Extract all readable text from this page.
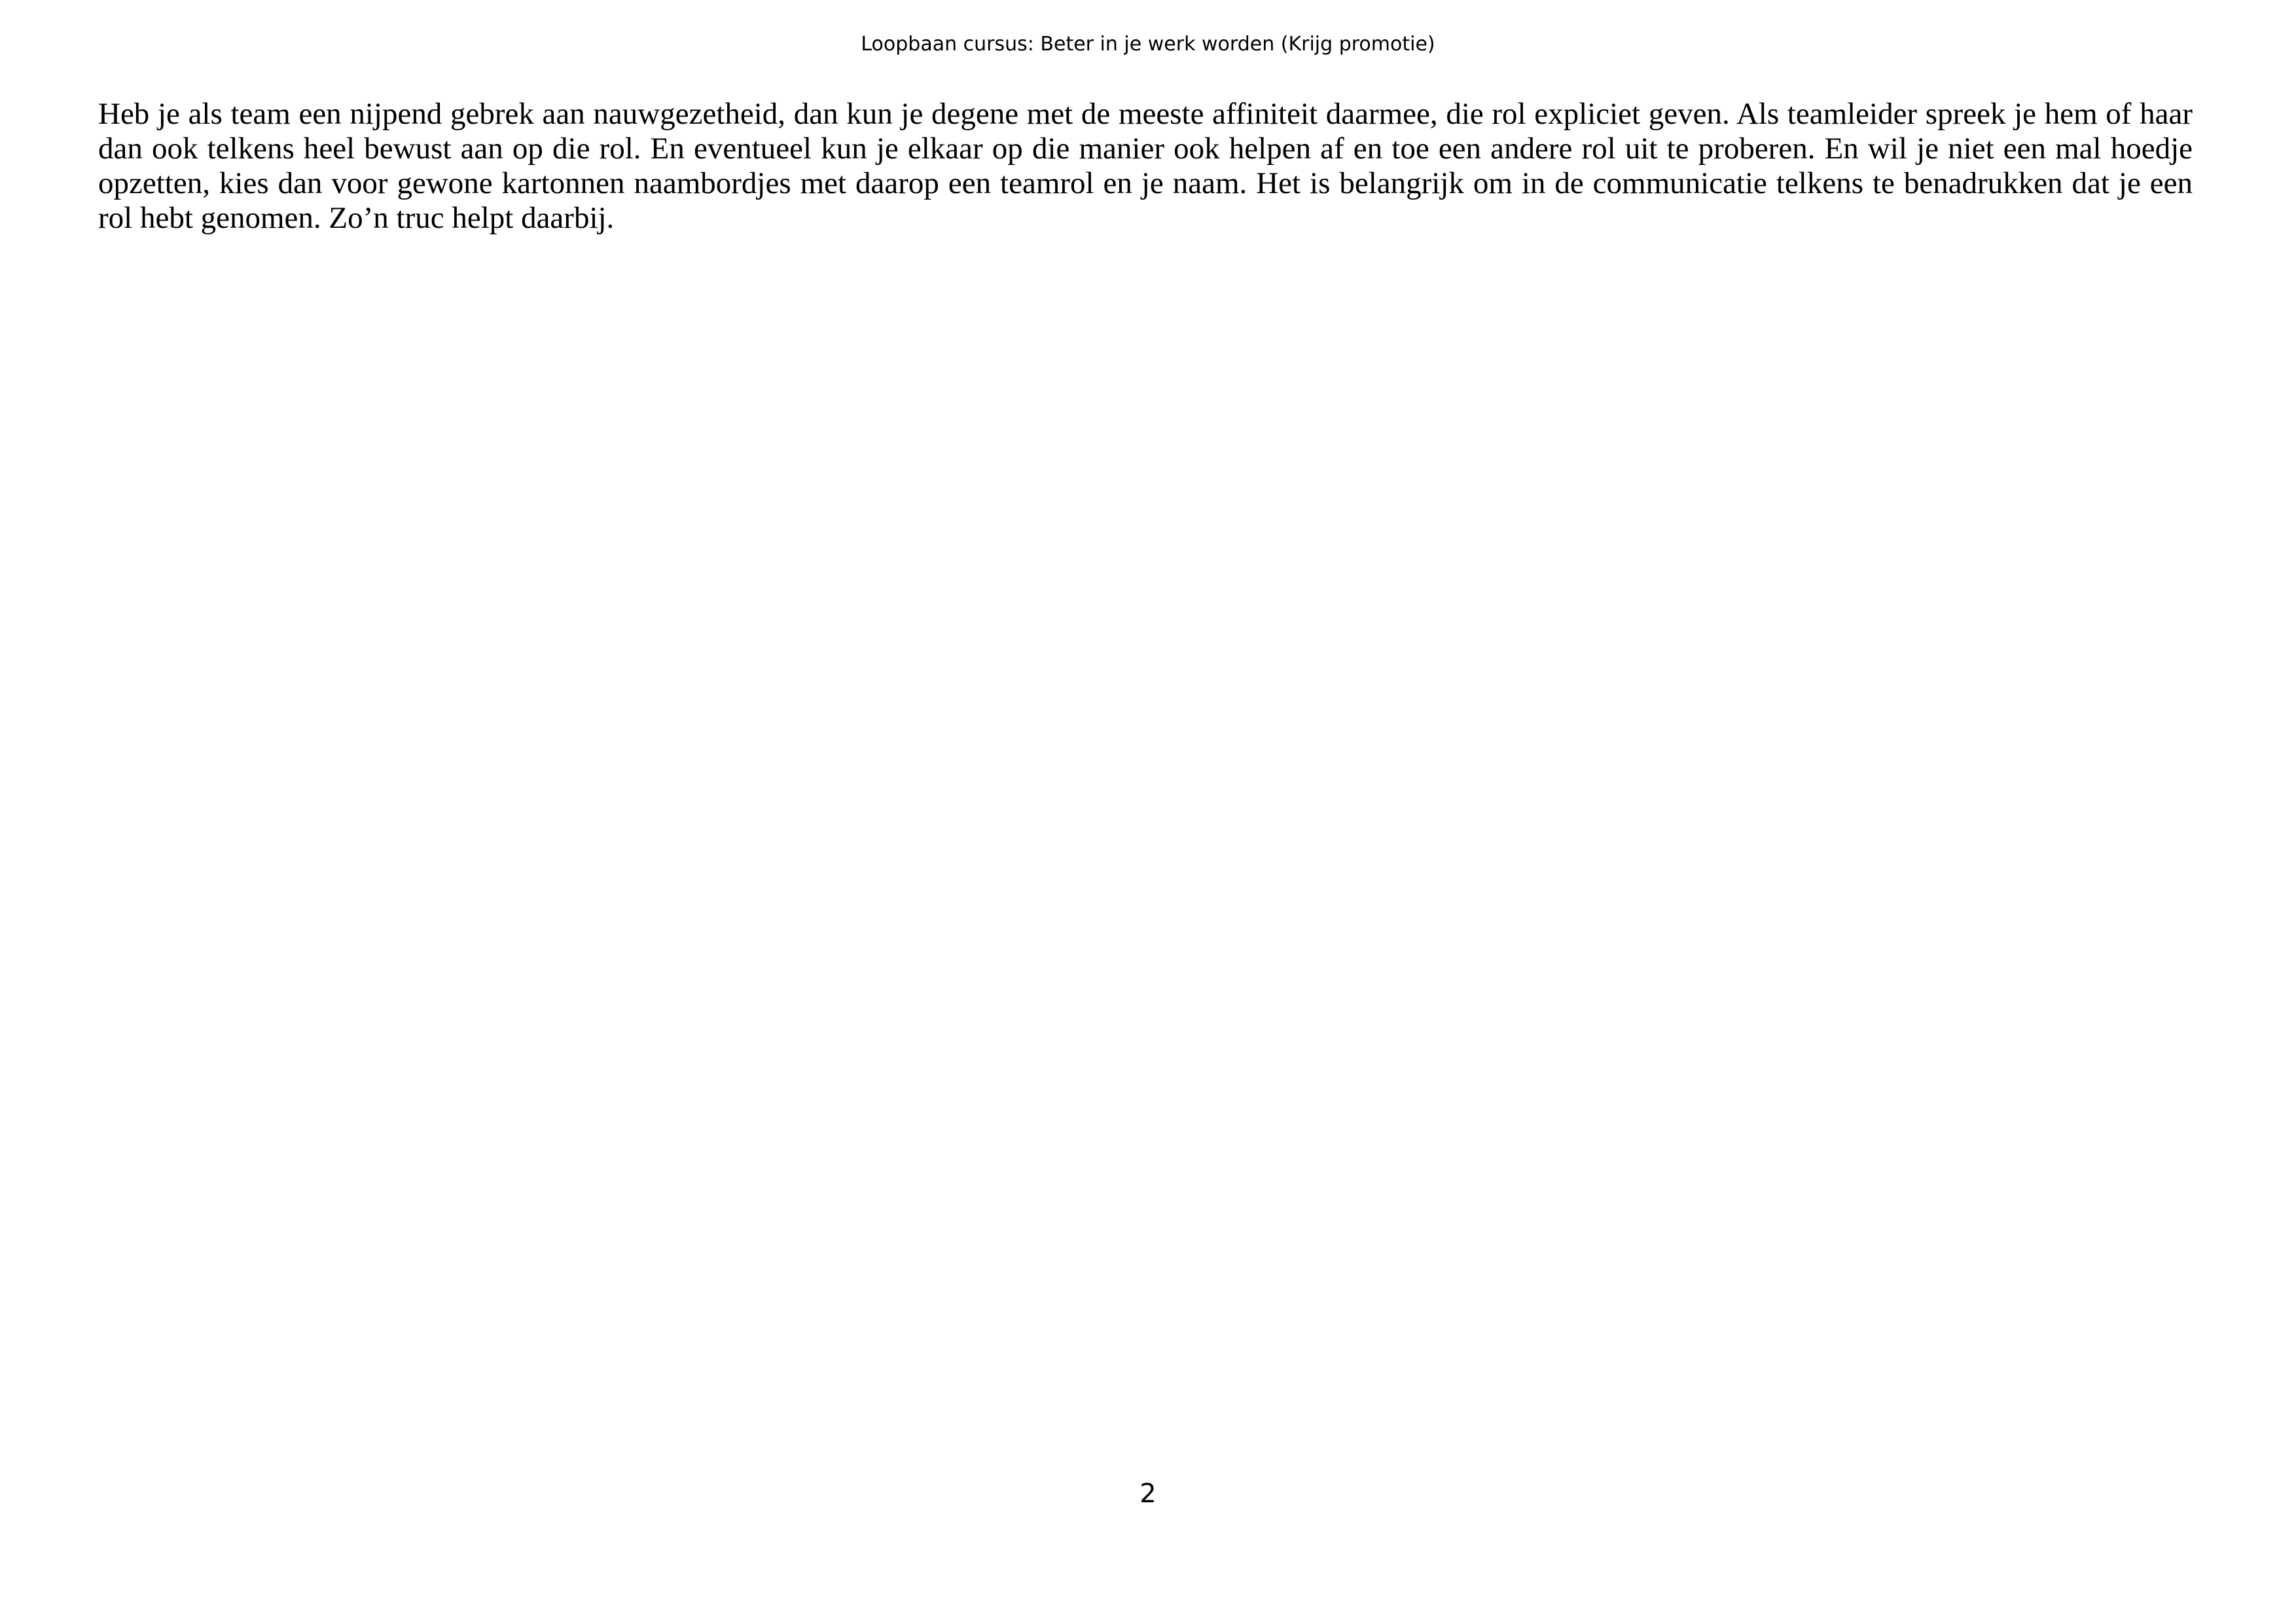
Loopbaan cursus: Beter in je werk worden (Krijg promotie)

Heb je als team een nijpend gebrek aan nauwgezetheid, dan kun je degene met de meeste affiniteit daarmee, die rol expliciet geven. Als teamleider spreek je hem of haar dan ook telkens heel bewust aan op die rol. En eventueel kun je elkaar op die manier ook helpen af en toe een andere rol uit te proberen. En wil je niet een mal hoedje opzetten, kies dan voor gewone kartonnen naambordjes met daarop een teamrol en je naam. Het is belangrijk om in de communicatie telkens te benadrukken dat je een rol hebt genomen. Zo’n truc helpt daarbij.

2
